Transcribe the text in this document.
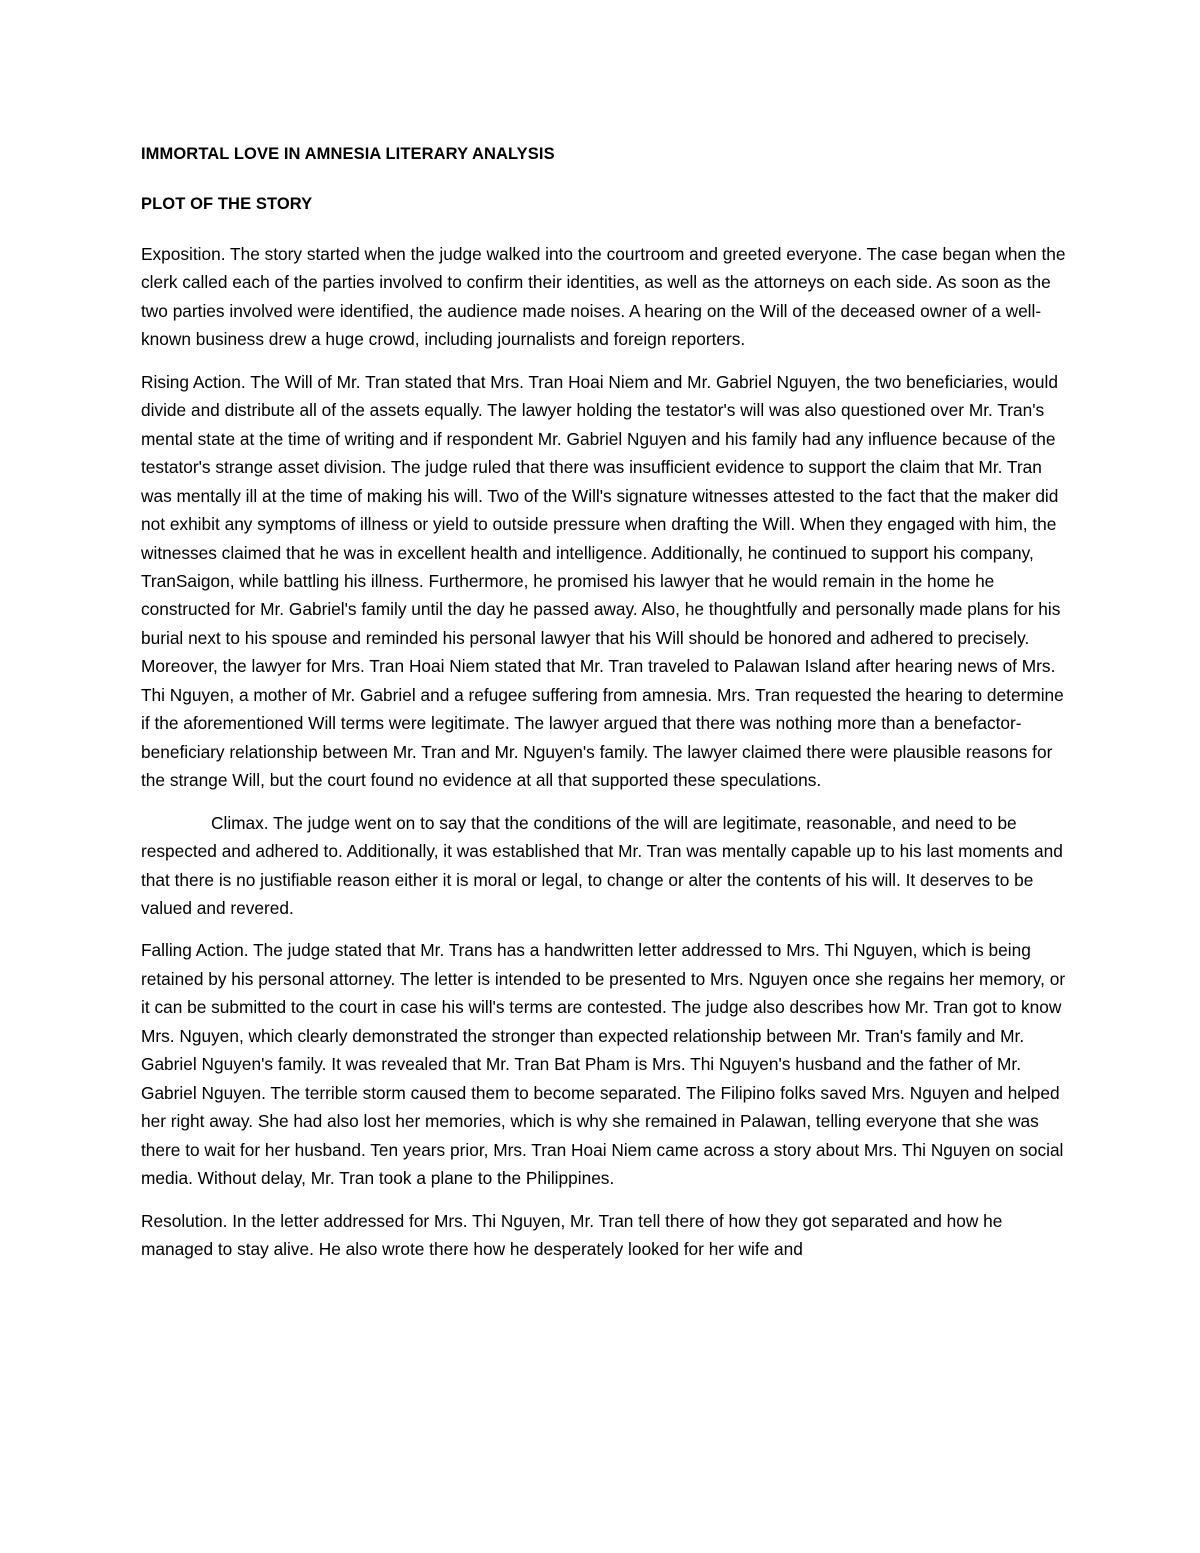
IMMORTAL LOVE IN AMNESIA LITERARY ANALYSIS
PLOT OF THE STORY

Exposition. The story started when the judge walked into the courtroom and greeted everyone. The case began when the clerk called each of the parties involved to confirm their identities, as well as the attorneys on each side. As soon as the two parties involved were identified, the audience made noises. A hearing on the Will of the deceased owner of a well-known business drew a huge crowd, including journalists and foreign reporters.

Rising Action. The Will of Mr. Tran stated that Mrs. Tran Hoai Niem and Mr. Gabriel Nguyen, the two beneficiaries, would divide and distribute all of the assets equally. The lawyer holding the testator's will was also questioned over Mr. Tran's mental state at the time of writing and if respondent Mr. Gabriel Nguyen and his family had any influence because of the testator's strange asset division. The judge ruled that there was insufficient evidence to support the claim that Mr. Tran was mentally ill at the time of making his will. Two of the Will's signature witnesses attested to the fact that the maker did not exhibit any symptoms of illness or yield to outside pressure when drafting the Will. When they engaged with him, the witnesses claimed that he was in excellent health and intelligence. Additionally, he continued to support his company, TranSaigon, while battling his illness. Furthermore, he promised his lawyer that he would remain in the home he constructed for Mr. Gabriel's family until the day he passed away. Also, he thoughtfully and personally made plans for his burial next to his spouse and reminded his personal lawyer that his Will should be honored and adhered to precisely. Moreover, the lawyer for Mrs. Tran Hoai Niem stated that Mr. Tran traveled to Palawan Island after hearing news of Mrs. Thi Nguyen, a mother of Mr. Gabriel and a refugee suffering from amnesia. Mrs. Tran requested the hearing to determine if the aforementioned Will terms were legitimate. The lawyer argued that there was nothing more than a benefactor-beneficiary relationship between Mr. Tran and Mr. Nguyen's family. The lawyer claimed there were plausible reasons for the strange Will, but the court found no evidence at all that supported these speculations.

Climax. The judge went on to say that the conditions of the will are legitimate, reasonable, and need to be respected and adhered to. Additionally, it was established that Mr. Tran was mentally capable up to his last moments and that there is no justifiable reason either it is moral or legal, to change or alter the contents of his will. It deserves to be valued and revered.

Falling Action. The judge stated that Mr. Trans has a handwritten letter addressed to Mrs. Thi Nguyen, which is being retained by his personal attorney. The letter is intended to be presented to Mrs. Nguyen once she regains her memory, or it can be submitted to the court in case his will's terms are contested. The judge also describes how Mr. Tran got to know Mrs. Nguyen, which clearly demonstrated the stronger than expected relationship between Mr. Tran's family and Mr. Gabriel Nguyen's family. It was revealed that Mr. Tran Bat Pham is Mrs. Thi Nguyen's husband and the father of Mr. Gabriel Nguyen. The terrible storm caused them to become separated. The Filipino folks saved Mrs. Nguyen and helped her right away. She had also lost her memories, which is why she remained in Palawan, telling everyone that she was there to wait for her husband. Ten years prior, Mrs. Tran Hoai Niem came across a story about Mrs. Thi Nguyen on social media. Without delay, Mr. Tran took a plane to the Philippines.

Resolution. In the letter addressed for Mrs. Thi Nguyen, Mr. Tran tell there of how they got separated and how he managed to stay alive. He also wrote there how he desperately looked for her wife and
